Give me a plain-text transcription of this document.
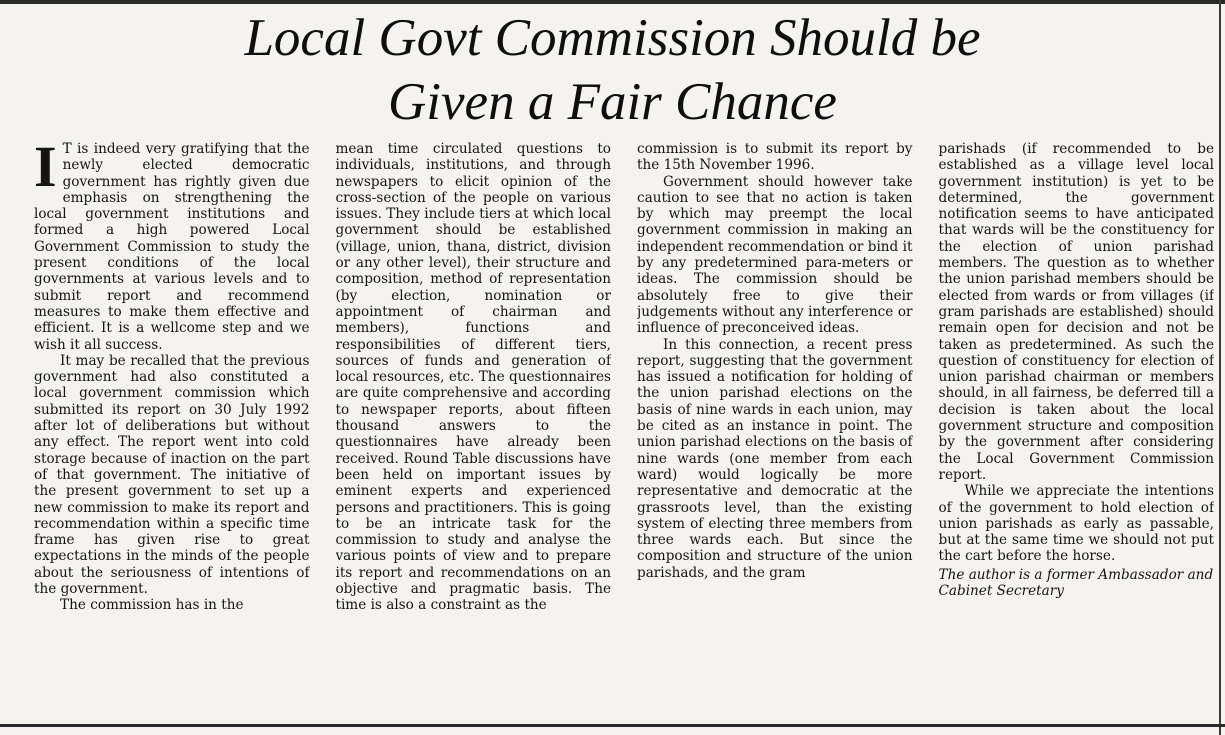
Local Govt Commission Should be
Given a Fair Chance

I T is indeed very gratifying that the newly elected democratic government has rightly given due emphasis on strengthening the local government institutions and formed a high powered Local Government Commission to study the present conditions of the local governments at various levels and to submit report and recommend measures to make them effective and efficient. It is a wellcome step and we wish it all success.

It may be recalled that the previous government had also constituted a local government commission which submitted its report on 30 July 1992 after lot of deliberations but without any effect. The report went into cold storage because of inaction on the part of that government. The initiative of the present government to set up a new commission to make its report and recommendation within a specific time frame has given rise to great expectations in the minds of the people about the seriousness of intentions of the government.

The commission has in the

mean time circulated questions to individuals, institutions, and through newspapers to elicit opinion of the cross-section of the people on various issues. They include tiers at which local government should be established (village, union, thana, district, division or any other level), their structure and composition, method of representation (by election, nomination or appointment of chairman and members), functions and responsibilities of different tiers, sources of funds and generation of local resources, etc. The questionnaires are quite comprehensive and according to newspaper reports, about fifteen thousand answers to the questionnaires have already been received. Round Table discussions have been held on important issues by eminent experts and experienced persons and practitioners. This is going to be an intricate task for the commission to study and analyse the various points of view and to prepare its report and recommendations on an objective and pragmatic basis. The time is also a constraint as the

commission is to submit its report by the 15th November 1996.

Government should however take caution to see that no action is taken by which may preempt the local government commission in making an independent recommendation or bind it by any predetermined para-meters or ideas. The commission should be absolutely free to give their judgements without any interference or influence of preconceived ideas.

In this connection, a recent press report, suggesting that the government has issued a notification for holding of the union parishad elections on the basis of nine wards in each union, may be cited as an instance in point. The union parishad elections on the basis of nine wards (one member from each ward) would logically be more representative and democratic at the grassroots level, than the existing system of electing three members from three wards each. But since the composition and structure of the union parishads, and the gram

parishads (if recommended to be established as a village level local government institution) is yet to be determined, the government notification seems to have anticipated that wards will be the constituency for the election of union parishad members. The question as to whether the union parishad members should be elected from wards or from villages (if gram parishads are established) should remain open for decision and not be taken as predetermined. As such the question of constituency for election of union parishad chairman or members should, in all fairness, be deferred till a decision is taken about the local government structure and composition by the government after considering the Local Government Commission report.

While we appreciate the intentions of the government to hold election of union parishads as early as passable, but at the same time we should not put the cart before the horse.

The author is a former Ambassador and Cabinet Secretary
